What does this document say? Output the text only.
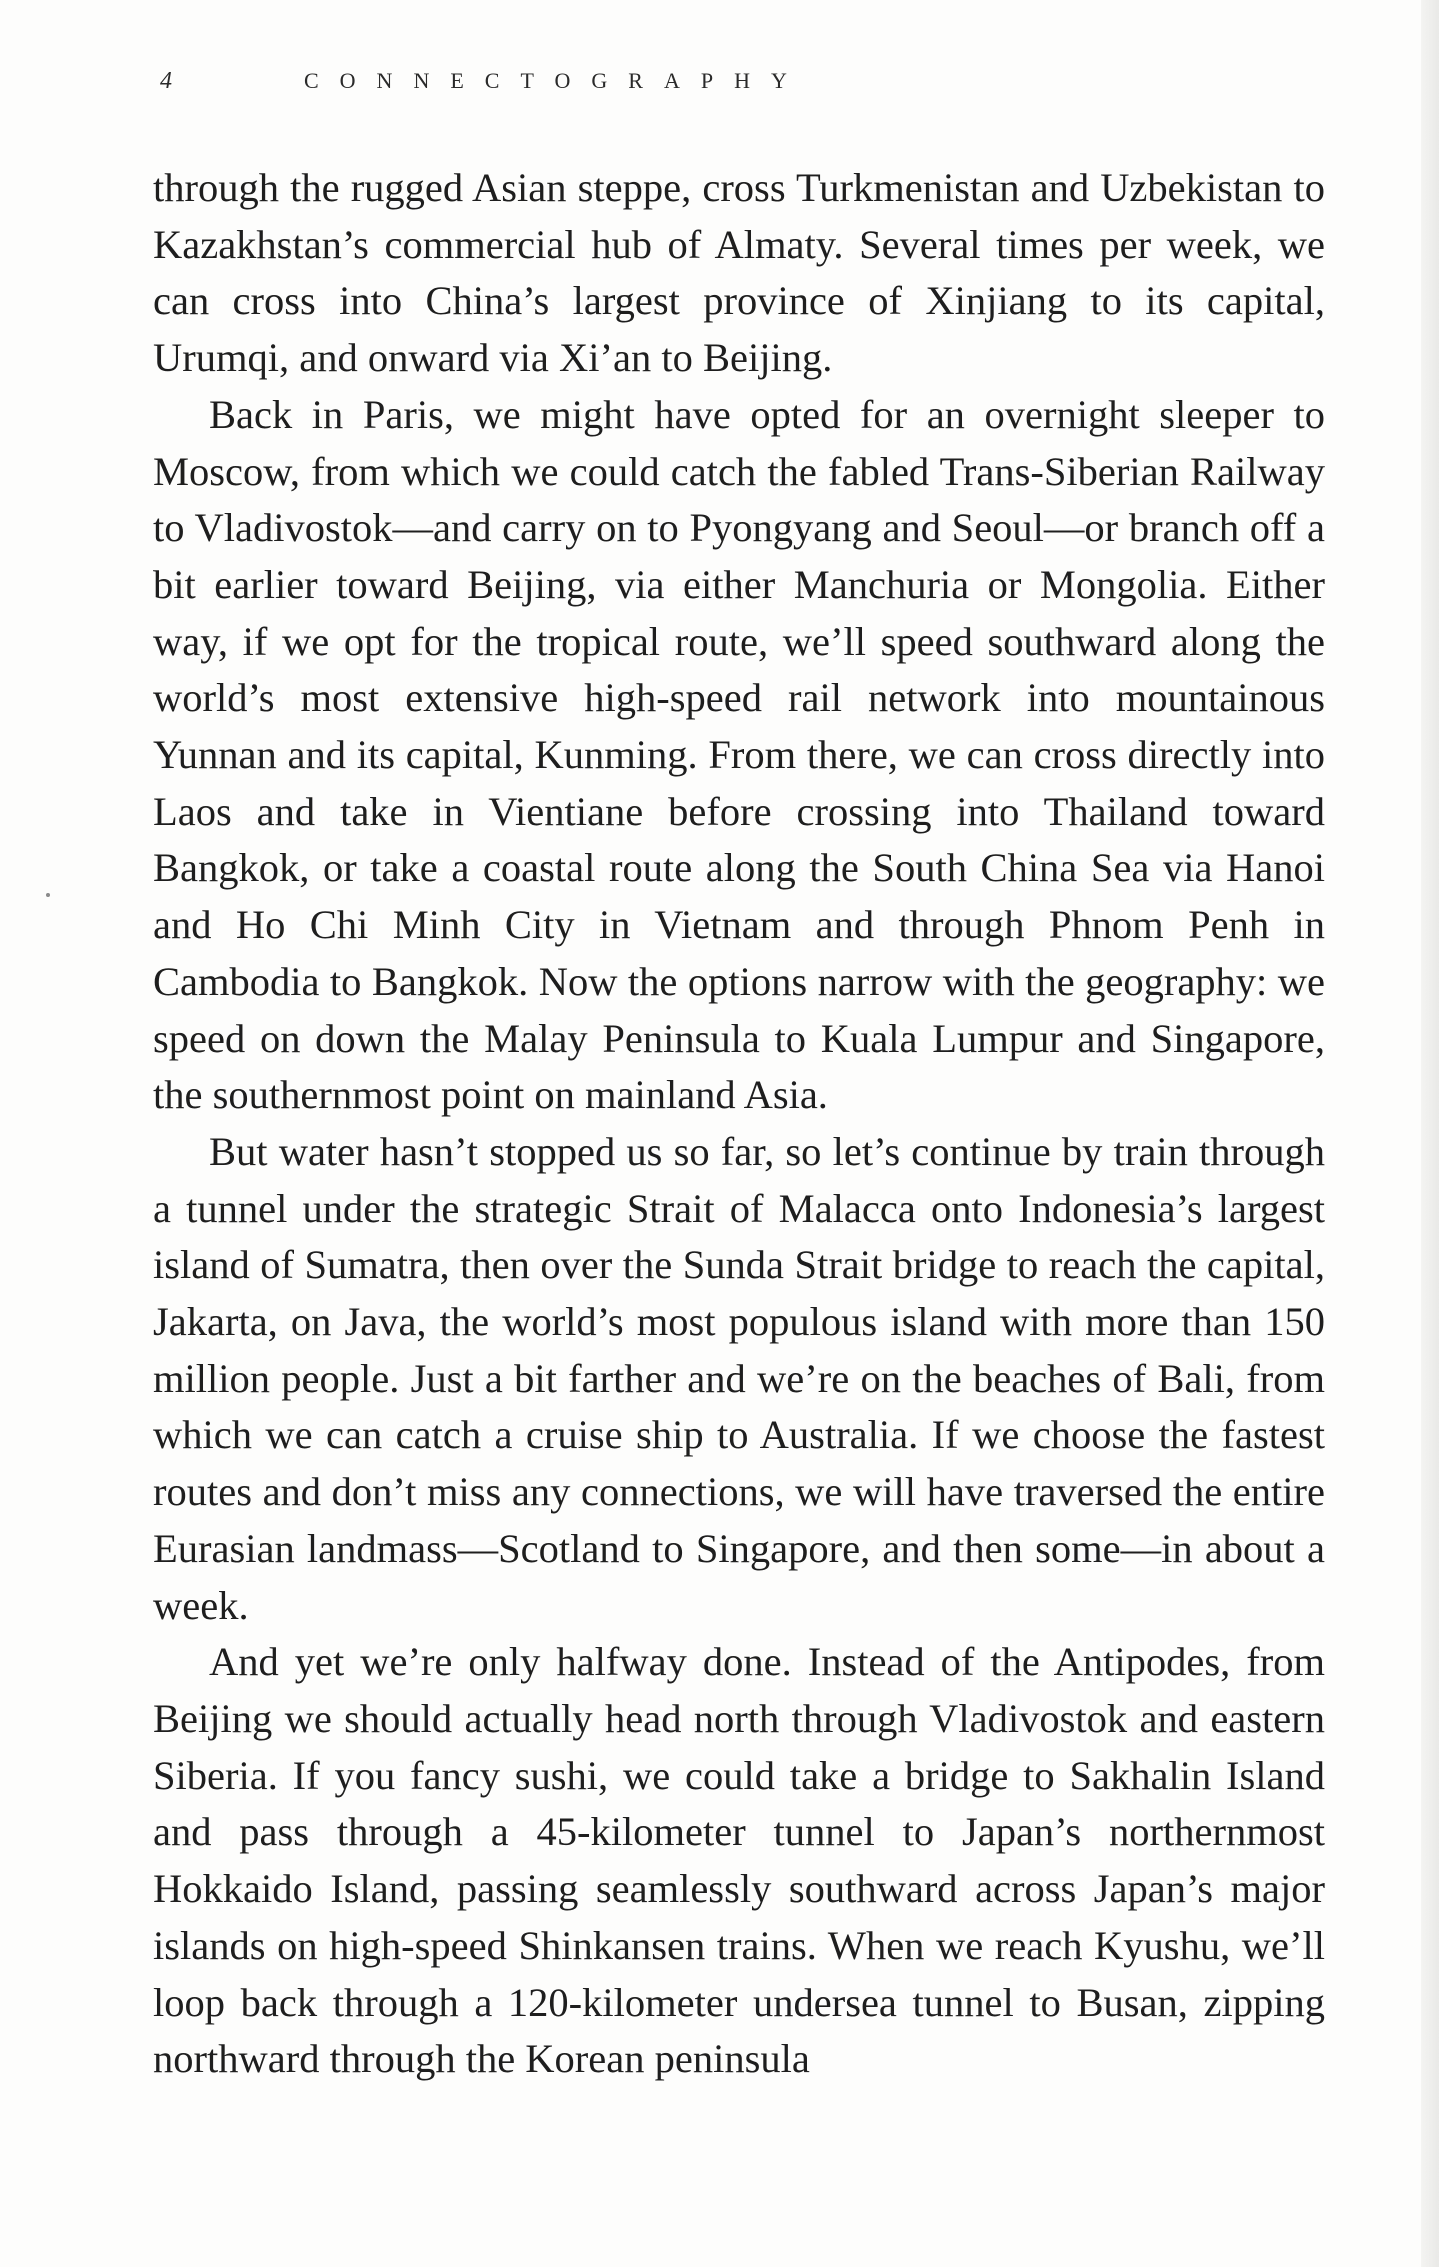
4	CONNECTOGRAPHY

through the rugged Asian steppe, cross Turkmenistan and Uzbekistan to Kazakhstan’s commercial hub of Almaty. Several times per week, we can cross into China’s largest province of Xinjiang to its capital, Urumqi, and onward via Xi’an to Beijing.

Back in Paris, we might have opted for an overnight sleeper to Moscow, from which we could catch the fabled Trans-Siberian Railway to Vladivostok—and carry on to Pyongyang and Seoul—or branch off a bit earlier toward Beijing, via either Manchuria or Mongolia. Either way, if we opt for the tropical route, we’ll speed southward along the world’s most extensive high-speed rail network into mountainous Yunnan and its capital, Kunming. From there, we can cross directly into Laos and take in Vientiane before crossing into Thailand toward Bangkok, or take a coastal route along the South China Sea via Hanoi and Ho Chi Minh City in Vietnam and through Phnom Penh in Cambodia to Bangkok. Now the options narrow with the geography: we speed on down the Malay Peninsula to Kuala Lumpur and Singapore, the southernmost point on mainland Asia.

But water hasn’t stopped us so far, so let’s continue by train through a tunnel under the strategic Strait of Malacca onto Indonesia’s largest island of Sumatra, then over the Sunda Strait bridge to reach the capital, Jakarta, on Java, the world’s most populous island with more than 150 million people. Just a bit farther and we’re on the beaches of Bali, from which we can catch a cruise ship to Australia. If we choose the fastest routes and don’t miss any connections, we will have traversed the entire Eurasian landmass—Scotland to Singapore, and then some—in about a week.

And yet we’re only halfway done. Instead of the Antipodes, from Beijing we should actually head north through Vladivostok and eastern Siberia. If you fancy sushi, we could take a bridge to Sakhalin Island and pass through a 45-kilometer tunnel to Japan’s northernmost Hokkaido Island, passing seamlessly southward across Japan’s major islands on high-speed Shinkansen trains. When we reach Kyushu, we’ll loop back through a 120-kilometer undersea tunnel to Busan, zipping northward through the Korean peninsula
